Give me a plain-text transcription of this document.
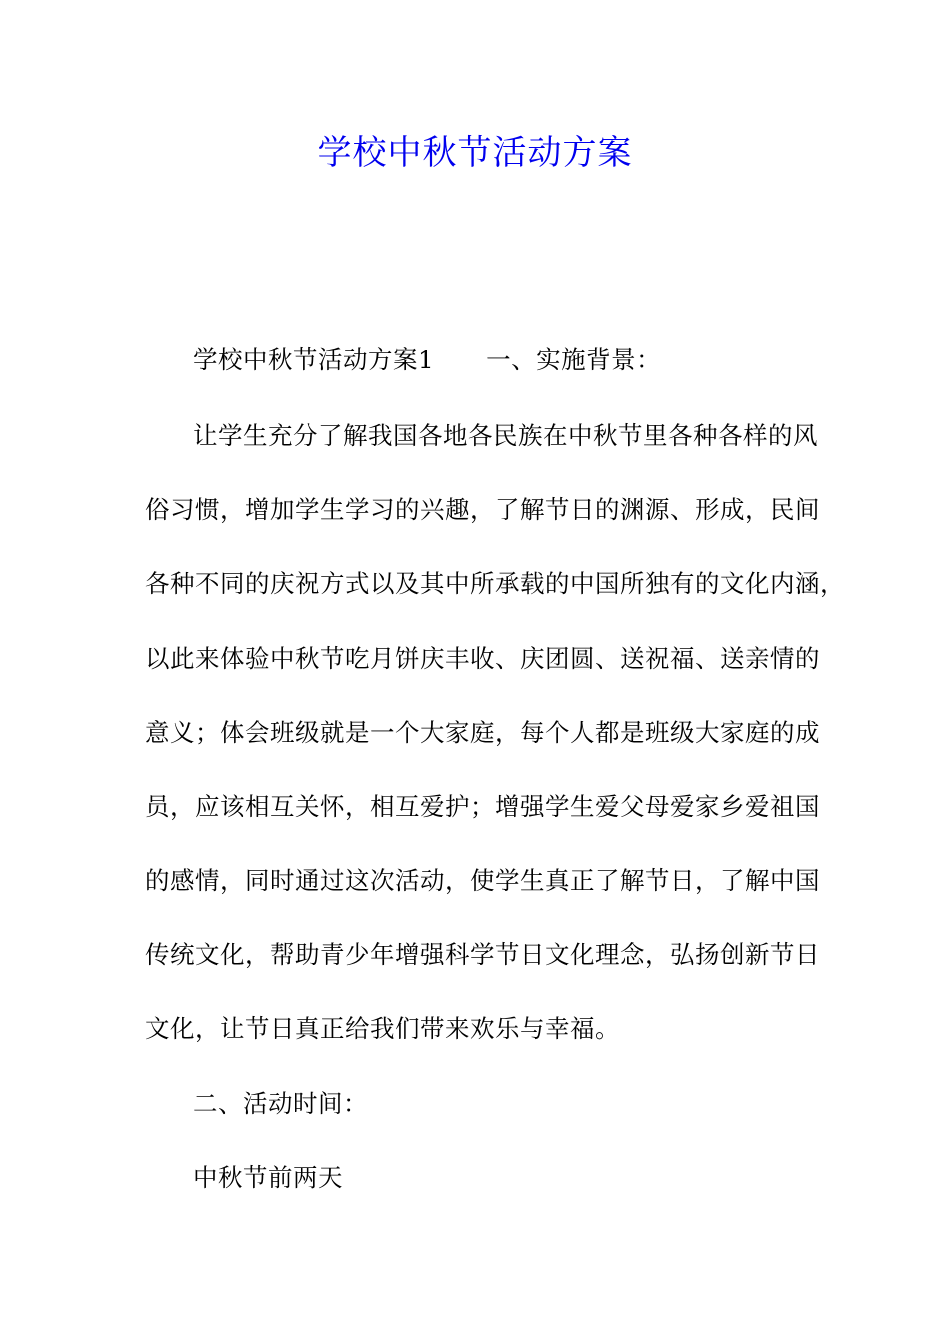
学校中秋节活动方案
学校中秋节活动方案1 一、实施背景：
让学生充分了解我国各地各民族在中秋节里各种各样的风
俗习惯，增加学生学习的兴趣，了解节日的渊源、形成，民间
各种不同的庆祝方式以及其中所承载的中国所独有的文化内涵，
以此来体验中秋节吃月饼庆丰收、庆团圆、送祝福、送亲情的
意义；体会班级就是一个大家庭，每个人都是班级大家庭的成
员，应该相互关怀，相互爱护；增强学生爱父母爱家乡爱祖国
的感情，同时通过这次活动，使学生真正了解节日，了解中国
传统文化，帮助青少年增强科学节日文化理念，弘扬创新节日
文化，让节日真正给我们带来欢乐与幸福。
二、活动时间：
中秋节前两天
